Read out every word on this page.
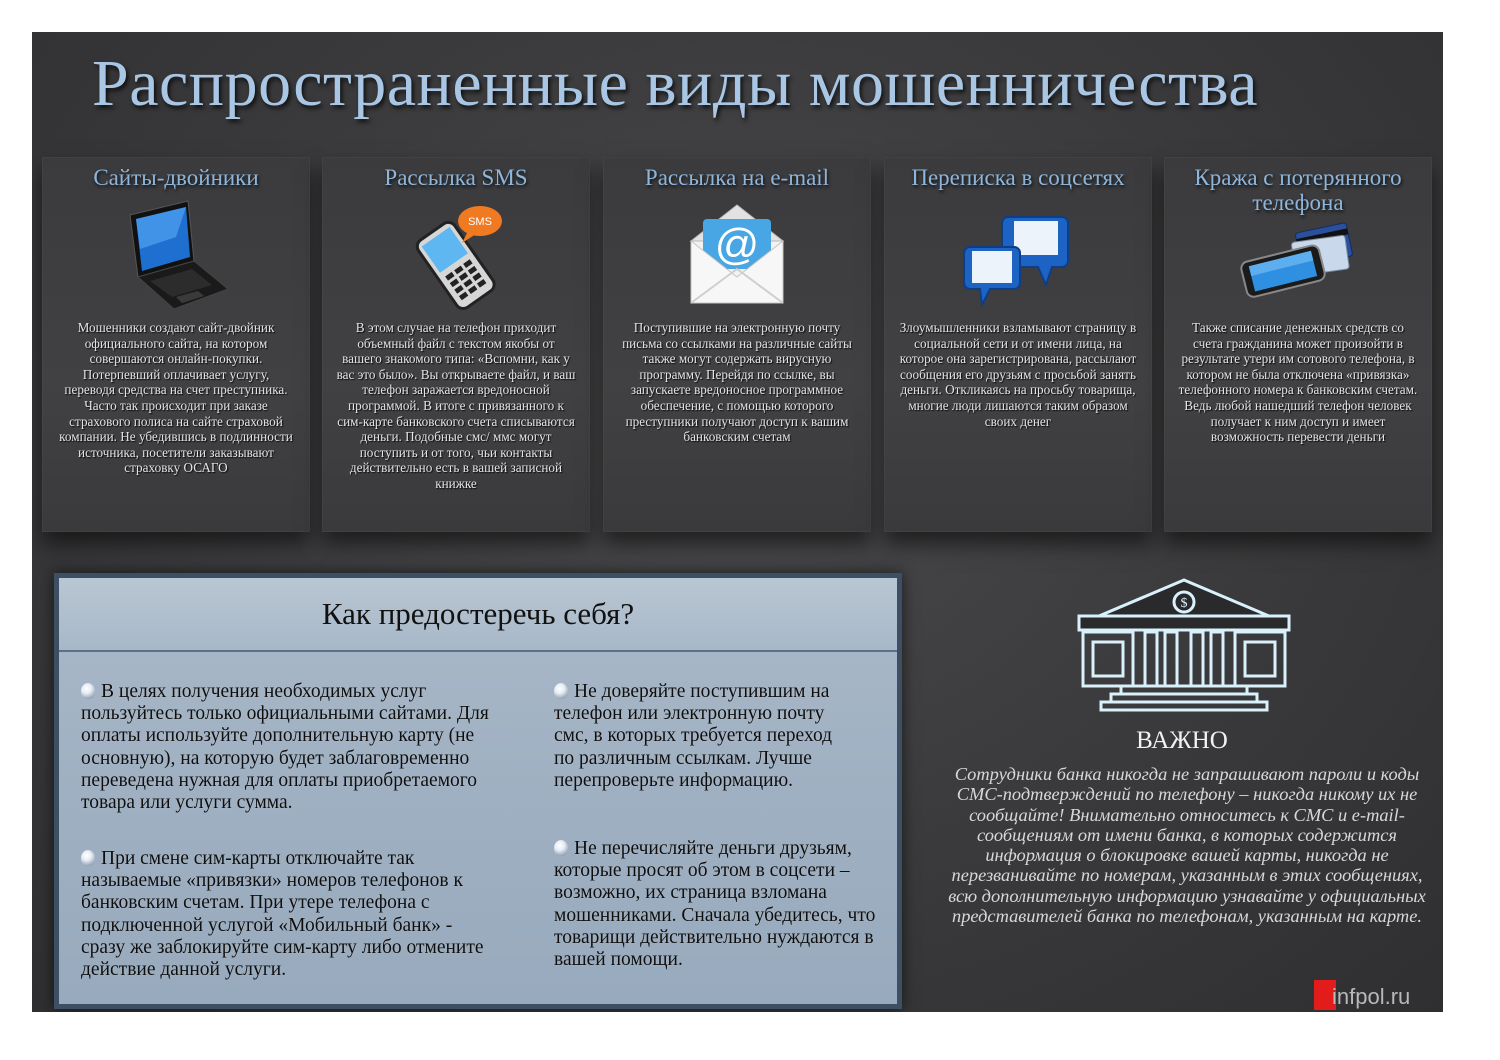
Распространенные виды мошенничества
Сайты-двойники
Мошенники создают сайт-двойник официального сайта, на котором совершаются онлайн-покупки. Потерпевший оплачивает услугу, переводя средства на счет преступника. Часто так происходит при заказе страхового полиса на сайте страховой компании. Не убедившись в подлинности источника, посетители заказывают страховку ОСАГО
Рассылка SMS
SMS
В этом случае на телефон приходит объемный файл с текстом якобы от вашего знакомого типа: «Вспомни, как у вас это было». Вы открываете файл, и ваш телефон заражается вредоносной программой. В итоге с привязанного к сим-карте банковского счета списываются деньги. Подобные смс/ ммс могут поступить и от того, чьи контакты действительно есть в вашей записной книжке
Рассылка на e-mail
@
Поступившие на электронную почту письма со ссылками на различные сайты также могут содержать вирусную программу. Перейдя по ссылке, вы запускаете вредоносное программное обеспечение, с помощью которого преступники получают доступ к вашим банковским счетам
Переписка в соцсетях
Злоумышленники взламывают страницу в социальной сети и от имени лица, на которое она зарегистрирована, рассылают сообщения его друзьям с просьбой занять деньги. Откликаясь на просьбу товарища, многие люди лишаются таким образом своих денег
Кража с потерянного телефона
Также списание денежных средств со счета гражданина может произойти в результате утери им сотового телефона, в котором не была отключена «привязка» телефонного номера к банковским счетам. Ведь любой нашедший телефон человек получает к ним доступ и имеет возможность перевести деньги
Как предостеречь себя?
В целях получения необходимых услуг пользуйтесь только официальными сайтами. Для оплаты используйте дополнительную карту (не основную), на которую будет заблаговременно переведена нужная для оплаты приобретаемого товара или услуги сумма.
При смене сим-карты отключайте так называемые «привязки» номеров телефонов к банковским счетам. При утере телефона с подключенной услугой «Мобильный банк» - сразу же заблокируйте сим-карту либо отмените действие данной услуги.
Не доверяйте поступившим на телефон или электронную почту смс, в которых требуется переход по различным ссылкам. Лучше перепроверьте информацию.
Не перечисляйте деньги друзьям, которые просят об этом в соцсети – возможно, их страница взломана мошенниками. Сначала убедитесь, что товарищи действительно нуждаются в вашей помощи.
$
ВАЖНО
Сотрудники банка никогда не запрашивают пароли и коды СМС-подтверждений по телефону – никогда никому их не сообщайте! Внимательно относитесь к СМС и e-mail-сообщениям от имени банка, в которых содержится информация о блокировке вашей карты, никогда не перезванивайте по номерам, указанным в этих сообщениях, всю дополнительную информацию узнавайте у официальных представителей банка по телефонам, указанным на карте.
infpol.ru
